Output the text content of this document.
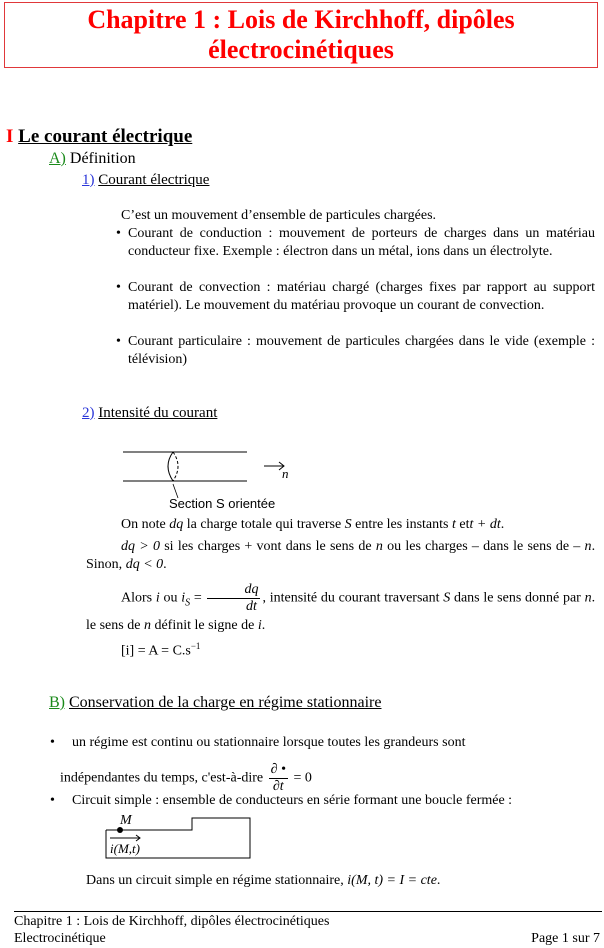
Chapitre 1 : Lois de Kirchhoff, dipôles
électrocinétiques
I Le courant électrique
A) Définition
1) Courant électrique
C’est un mouvement d’ensemble de particules chargées.
• Courant de conduction : mouvement de porteurs de charges dans un matériau conducteur fixe. Exemple : électron dans un métal, ions dans un électrolyte.
• Courant de convection : matériau chargé (charges fixes par rapport au support matériel). Le mouvement du matériau provoque un courant de convection.
• Courant particulaire : mouvement de particules chargées dans le vide (exemple : télévision)
2) Intensité du courant
Section S orientée
n
On note dq la charge totale qui traverse S entre les instants t ett + dt.
dq > 0 si les charges + vont dans le sens de n ou les charges – dans le sens de – n. Sinon, dq < 0.
Alors i ou $i_S = \frac{dq}{dt}$ , intensité du courant traversant S dans le sens donné par n. le sens de n définit le signe de i.
$[i] = A = C.s^{-1}$
B) Conservation de la charge en régime stationnaire
• un régime est continu ou stationnaire lorsque toutes les grandeurs sont
indépendantes du temps, c'est-à-dire $\frac{\partial •}{\partial t} = 0$
• Circuit simple : ensemble de conducteurs en série formant une boucle fermée :
M
i(M,t)
Dans un circuit simple en régime stationnaire, i(M, t) = I = cte.
Chapitre 1 : Lois de Kirchhoff, dipôles électrocinétiques
Electrocinétique	Page 1 sur 7
